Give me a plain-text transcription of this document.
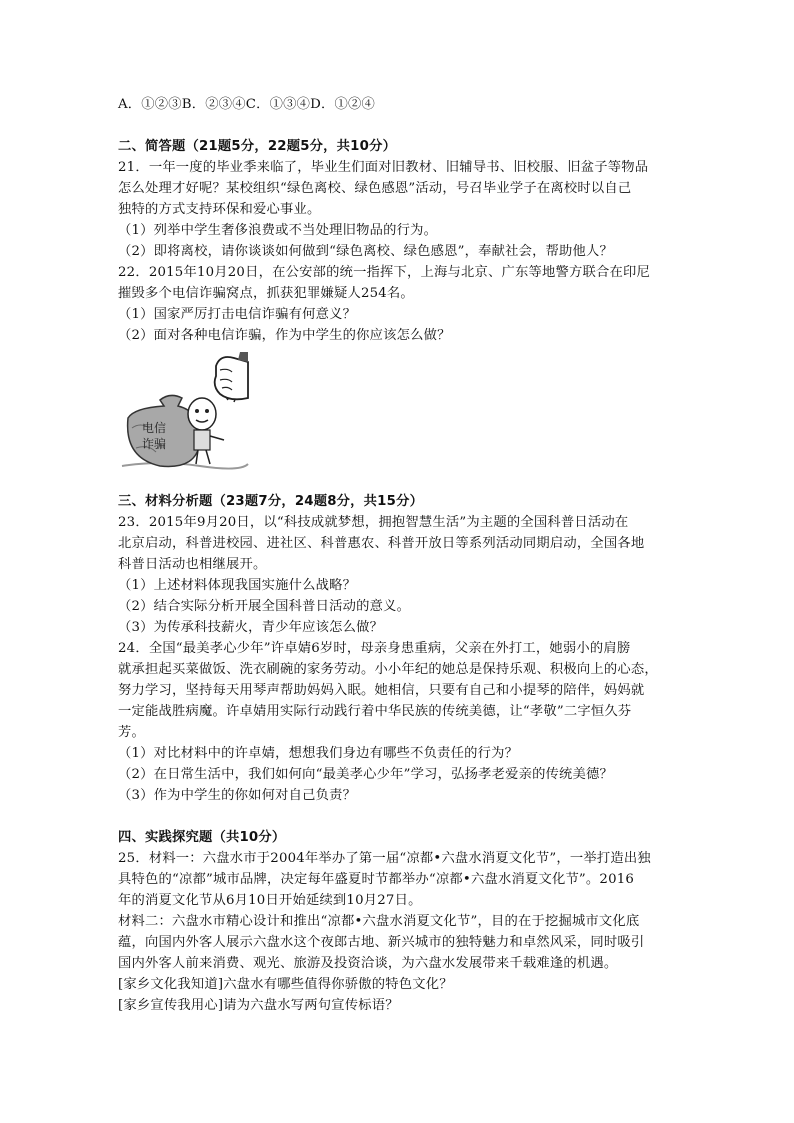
A．①②③B．②③④C．①③④D．①②④
二、简答题（21题5分，22题5分，共10分）
21．一年一度的毕业季来临了，毕业生们面对旧教材、旧辅导书、旧校服、旧盆子等物品
怎么处理才好呢？某校组织“绿色离校、绿色感恩”活动，号召毕业学子在离校时以自己
独特的方式支持环保和爱心事业。
（1）列举中学生奢侈浪费或不当处理旧物品的行为。
（2）即将离校，请你谈谈如何做到“绿色离校、绿色感恩”，奉献社会，帮助他人？
22．2015年10月20日，在公安部的统一指挥下，上海与北京、广东等地警方联合在印尼
摧毁多个电信诈骗窝点，抓获犯罪嫌疑人254名。
（1）国家严厉打击电信诈骗有何意义？
（2）面对各种电信诈骗，作为中学生的你应该怎么做？
电信
诈骗
三、材料分析题（23题7分，24题8分，共15分）
23．2015年9月20日，以“科技成就梦想，拥抱智慧生活”为主题的全国科普日活动在
北京启动，科普进校园、进社区、科普惠农、科普开放日等系列活动同期启动，全国各地
科普日活动也相继展开。
（1）上述材料体现我国实施什么战略？
（2）结合实际分析开展全国科普日活动的意义。
（3）为传承科技薪火，青少年应该怎么做？
24．全国“最美孝心少年”许卓婧6岁时，母亲身患重病，父亲在外打工，她弱小的肩膀
就承担起买菜做饭、洗衣刷碗的家务劳动。小小年纪的她总是保持乐观、积极向上的心态，
努力学习，坚持每天用琴声帮助妈妈入眠。她相信，只要有自己和小提琴的陪伴，妈妈就
一定能战胜病魔。许卓婧用实际行动践行着中华民族的传统美德，让“孝敬”二字恒久芬
芳。
（1）对比材料中的许卓婧，想想我们身边有哪些不负责任的行为？
（2）在日常生活中，我们如何向“最美孝心少年”学习，弘扬孝老爱亲的传统美德？
（3）作为中学生的你如何对自己负责？
四、实践探究题（共10分）
25．材料一：六盘水市于2004年举办了第一届“凉都•六盘水消夏文化节”，一举打造出独
具特色的“凉都”城市品牌，决定每年盛夏时节都举办“凉都•六盘水消夏文化节”。2016
年的消夏文化节从6月10日开始延续到10月27日。
材料二：六盘水市精心设计和推出“凉都•六盘水消夏文化节”，目的在于挖掘城市文化底
蕴，向国内外客人展示六盘水这个夜郎古地、新兴城市的独特魅力和卓然风采，同时吸引
国内外客人前来消费、观光、旅游及投资洽谈，为六盘水发展带来千载难逢的机遇。
[家乡文化我知道]六盘水有哪些值得你骄傲的特色文化？
[家乡宣传我用心]请为六盘水写两句宣传标语？
